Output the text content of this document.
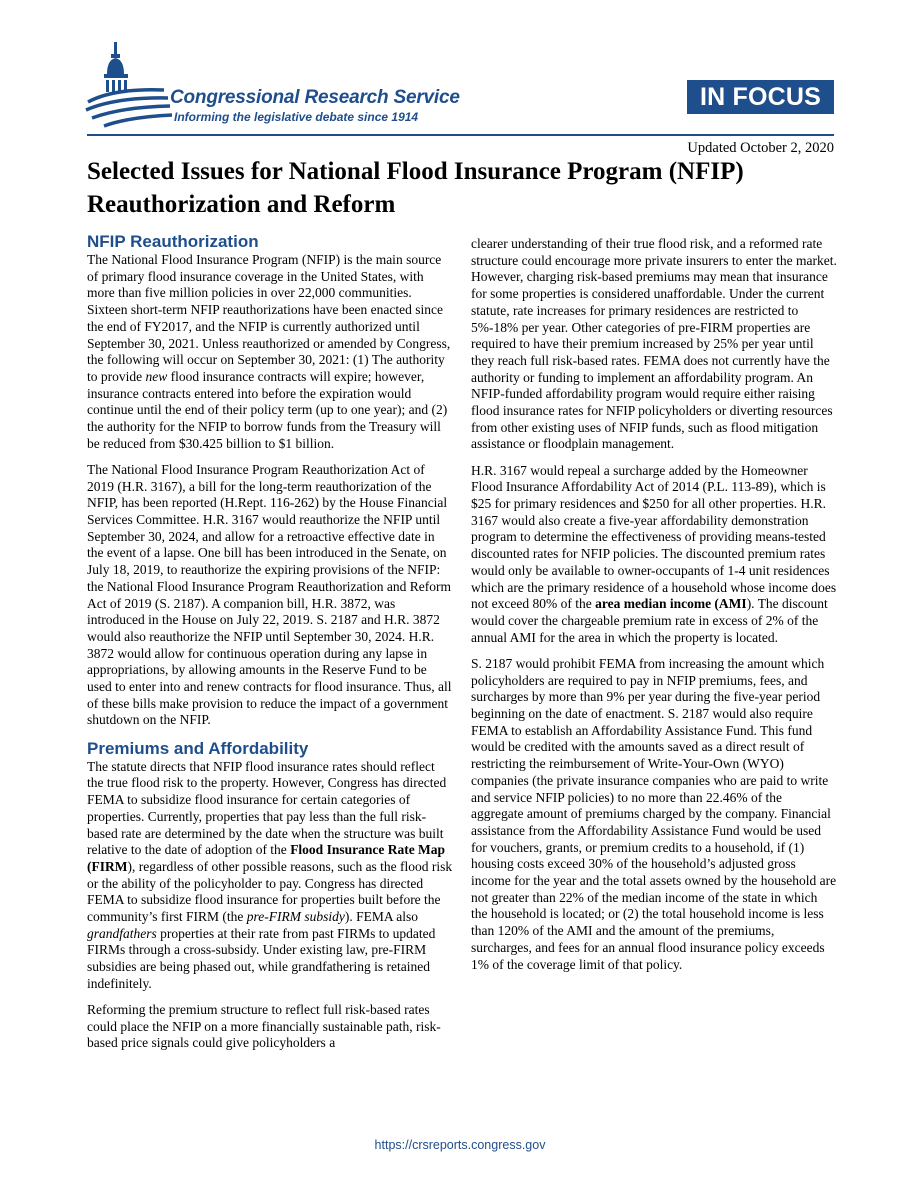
Congressional Research Service
Informing the legislative debate since 1914
IN FOCUS
Updated October 2, 2020
Selected Issues for National Flood Insurance Program (NFIP) Reauthorization and Reform
NFIP Reauthorization

The National Flood Insurance Program (NFIP) is the main source of primary flood insurance coverage in the United States, with more than five million policies in over 22,000 communities. Sixteen short-term NFIP reauthorizations have been enacted since the end of FY2017, and the NFIP is currently authorized until September 30, 2021. Unless reauthorized or amended by Congress, the following will occur on September 30, 2021: (1) The authority to provide new flood insurance contracts will expire; however, insurance contracts entered into before the expiration would continue until the end of their policy term (up to one year); and (2) the authority for the NFIP to borrow funds from the Treasury will be reduced from $30.425 billion to $1 billion.

The National Flood Insurance Program Reauthorization Act of 2019 (H.R. 3167), a bill for the long-term reauthorization of the NFIP, has been reported (H.Rept. 116-262) by the House Financial Services Committee. H.R. 3167 would reauthorize the NFIP until September 30, 2024, and allow for a retroactive effective date in the event of a lapse. One bill has been introduced in the Senate, on July 18, 2019, to reauthorize the expiring provisions of the NFIP: the National Flood Insurance Program Reauthorization and Reform Act of 2019 (S. 2187). A companion bill, H.R. 3872, was introduced in the House on July 22, 2019. S. 2187 and H.R. 3872 would also reauthorize the NFIP until September 30, 2024. H.R. 3872 would allow for continuous operation during any lapse in appropriations, by allowing amounts in the Reserve Fund to be used to enter into and renew contracts for flood insurance. Thus, all of these bills make provision to reduce the impact of a government shutdown on the NFIP.

Premiums and Affordability

The statute directs that NFIP flood insurance rates should reflect the true flood risk to the property. However, Congress has directed FEMA to subsidize flood insurance for certain categories of properties. Currently, properties that pay less than the full risk-based rate are determined by the date when the structure was built relative to the date of adoption of the Flood Insurance Rate Map (FIRM), regardless of other possible reasons, such as the flood risk or the ability of the policyholder to pay. Congress has directed FEMA to subsidize flood insurance for properties built before the community’s first FIRM (the pre-FIRM subsidy). FEMA also grandfathers properties at their rate from past FIRMs to updated FIRMs through a cross-subsidy. Under existing law, pre-FIRM subsidies are being phased out, while grandfathering is retained indefinitely.

Reforming the premium structure to reflect full risk-based rates could place the NFIP on a more financially sustainable path, risk-based price signals could give policyholders a

clearer understanding of their true flood risk, and a reformed rate structure could encourage more private insurers to enter the market. However, charging risk-based premiums may mean that insurance for some properties is considered unaffordable. Under the current statute, rate increases for primary residences are restricted to 5%-18% per year. Other categories of pre-FIRM properties are required to have their premium increased by 25% per year until they reach full risk-based rates. FEMA does not currently have the authority or funding to implement an affordability program. An NFIP-funded affordability program would require either raising flood insurance rates for NFIP policyholders or diverting resources from other existing uses of NFIP funds, such as flood mitigation assistance or floodplain management.

H.R. 3167 would repeal a surcharge added by the Homeowner Flood Insurance Affordability Act of 2014 (P.L. 113-89), which is $25 for primary residences and $250 for all other properties. H.R. 3167 would also create a five-year affordability demonstration program to determine the effectiveness of providing means-tested discounted rates for NFIP policies. The discounted premium rates would only be available to owner-occupants of 1-4 unit residences which are the primary residence of a household whose income does not exceed 80% of the area median income (AMI). The discount would cover the chargeable premium rate in excess of 2% of the annual AMI for the area in which the property is located.

S. 2187 would prohibit FEMA from increasing the amount which policyholders are required to pay in NFIP premiums, fees, and surcharges by more than 9% per year during the five-year period beginning on the date of enactment. S. 2187 would also require FEMA to establish an Affordability Assistance Fund. This fund would be credited with the amounts saved as a direct result of restricting the reimbursement of Write-Your-Own (WYO) companies (the private insurance companies who are paid to write and service NFIP policies) to no more than 22.46% of the aggregate amount of premiums charged by the company. Financial assistance from the Affordability Assistance Fund would be used for vouchers, grants, or premium credits to a household, if (1) housing costs exceed 30% of the household’s adjusted gross income for the year and the total assets owned by the household are not greater than 22% of the median income of the state in which the household is located; or (2) the total household income is less than 120% of the AMI and the amount of the premiums, surcharges, and fees for an annual flood insurance policy exceeds 1% of the coverage limit of that policy.

https://crsreports.congress.gov
